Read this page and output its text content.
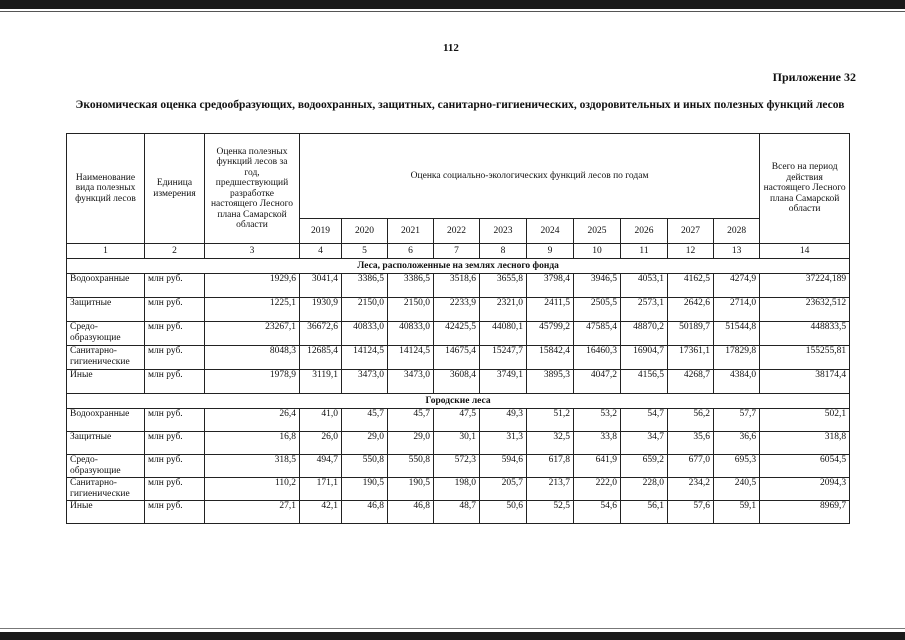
112
Приложение 32
Экономическая оценка средообразующих, водоохранных, защитных, санитарно-гигиенических, оздоровительных и иных полезных функций лесов
Наименование вида полезных функций лесов	Единица измерения	Оценка полезных функций лесов за год, предшествующий разработке настоящего Лесного плана Самарской области	Оценка социально-экологических функций лесов по годам										Всего на период действия настоящего Лесного плана Самарской области
			2019	2020	2021	2022	2023	2024	2025	2026	2027	2028	
1	2	3	4	5	6	7	8	9	10	11	12	13	14
Леса, расположенные на землях лесного фонда													
Водоохранные	млн руб.	1929,6	3041,4	3386,5	3386,5	3518,6	3655,8	3798,4	3946,5	4053,1	4162,5	4274,9	37224,189
Защитные	млн руб.	1225,1	1930,9	2150,0	2150,0	2233,9	2321,0	2411,5	2505,5	2573,1	2642,6	2714,0	23632,512
Средо-образующие	млн руб.	23267,1	36672,6	40833,0	40833,0	42425,5	44080,1	45799,2	47585,4	48870,2	50189,7	51544,8	448833,5
Санитарно-гигиенические	млн руб.	8048,3	12685,4	14124,5	14124,5	14675,4	15247,7	15842,4	16460,3	16904,7	17361,1	17829,8	155255,81
Иные	млн руб.	1978,9	3119,1	3473,0	3473,0	3608,4	3749,1	3895,3	4047,2	4156,5	4268,7	4384,0	38174,4
Городские леса													
Водоохранные	млн руб.	26,4	41,0	45,7	45,7	47,5	49,3	51,2	53,2	54,7	56,2	57,7	502,1
Защитные	млн руб.	16,8	26,0	29,0	29,0	30,1	31,3	32,5	33,8	34,7	35,6	36,6	318,8
Средо-образующие	млн руб.	318,5	494,7	550,8	550,8	572,3	594,6	617,8	641,9	659,2	677,0	695,3	6054,5
Санитарно-гигиенические	млн руб.	110,2	171,1	190,5	190,5	198,0	205,7	213,7	222,0	228,0	234,2	240,5	2094,3
Иные	млн руб.	27,1	42,1	46,8	46,8	48,7	50,6	52,5	54,6	56,1	57,6	59,1	8969,7
